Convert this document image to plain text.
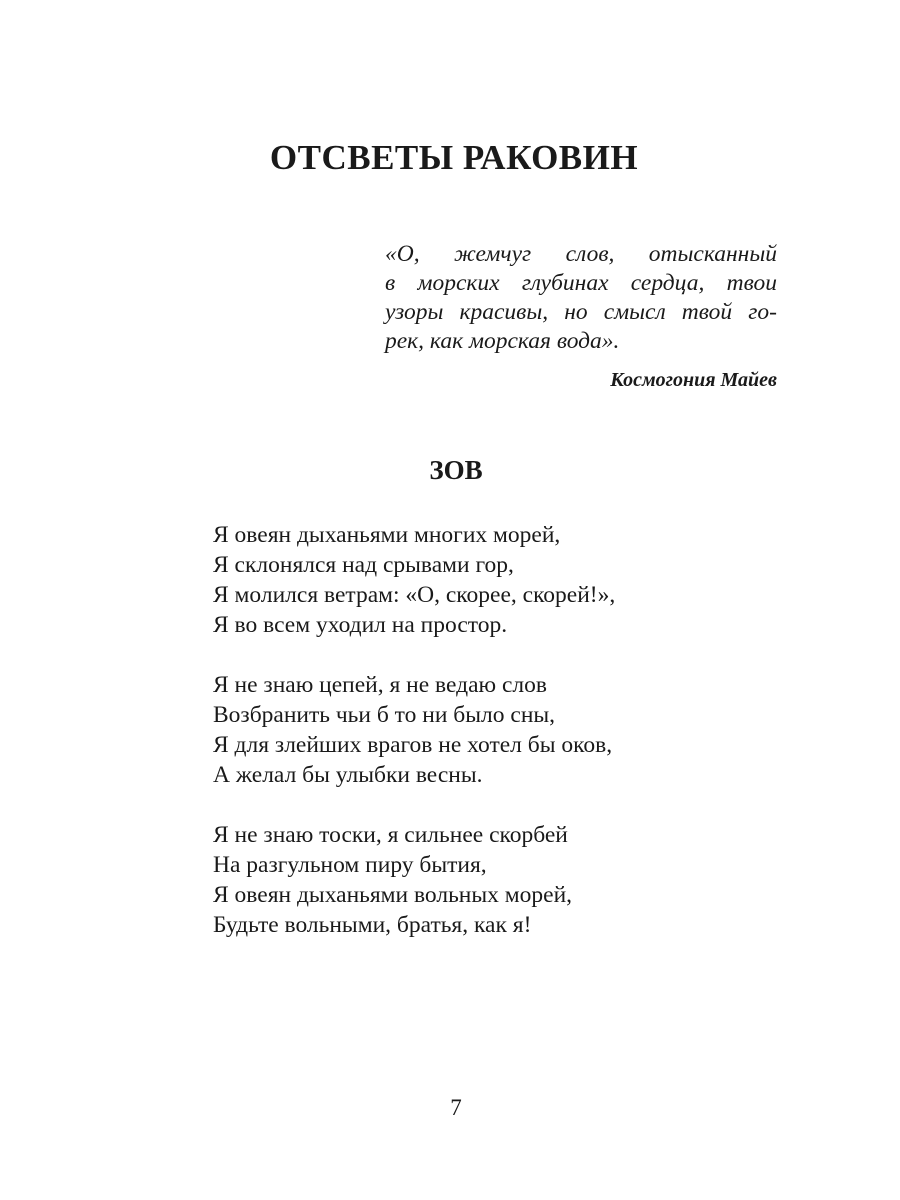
ОТСВЕТЫ РАКОВИН

«О, жемчуг слов, отысканный
в морских глубинах сердца, твои
узоры красивы, но смысл твой го-
рек, как морская вода».

Космогония Майев
ЗОВ
Я овеян дыханьями многих морей,
Я склонялся над срывами гор,
Я молился ветрам: «О, скорее, скорей!»,
Я во всем уходил на простор.
Я не знаю цепей, я не ведаю слов
Возбранить чьи б то ни было сны,
Я для злейших врагов не хотел бы оков,
А желал бы улыбки весны.
Я не знаю тоски, я сильнее скорбей
На разгульном пиру бытия,
Я овеян дыханьями вольных морей,
Будьте вольными, братья, как я!
7
